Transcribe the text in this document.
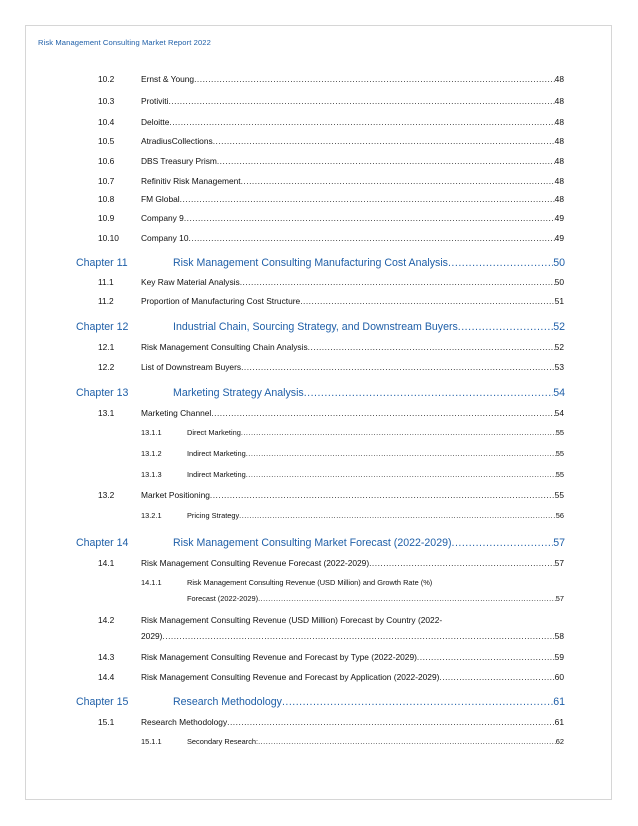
Risk Management Consulting Market Report 2022
10.2	Ernst & Young .....	48
10.3	Protiviti .....	48
10.4	Deloitte .....	48
10.5	AtradiusCollections .....	48
10.6	DBS Treasury Prism .....	48
10.7	Refinitiv Risk Management .....	48
10.8	FM Global .....	48
10.9	Company 9 .....	49
10.10	Company 10 .....	49
Chapter 11	Risk Management Consulting Manufacturing Cost Analysis .....	50
11.1	Key Raw Material Analysis .....	50
11.2	Proportion of Manufacturing Cost Structure .....	51
Chapter 12	Industrial Chain, Sourcing Strategy, and Downstream Buyers .....	52
12.1	Risk Management Consulting Chain Analysis .....	52
12.2	List of Downstream Buyers .....	53
Chapter 13	Marketing Strategy Analysis .....	54
13.1	Marketing Channel .....	54
13.1.1	Direct Marketing .....	55
13.1.2	Indirect Marketing .....	55
13.1.3	Indirect Marketing .....	55
13.2	Market Positioning .....	55
13.2.1	Pricing Strategy .....	56
Chapter 14	Risk Management Consulting Market Forecast (2022-2029) .....	57
14.1	Risk Management Consulting Revenue Forecast (2022-2029) .....	57
14.1.1	Risk Management Consulting Revenue (USD Million) and Growth Rate (%)
Forecast (2022-2029) .....	57
14.2	Risk Management Consulting Revenue (USD Million) Forecast by Country (2022-
2029) .....	58
14.3	Risk Management Consulting Revenue and Forecast by Type (2022-2029) .....	59
14.4	Risk Management Consulting Revenue and Forecast by Application (2022-2029) .....	60
Chapter 15	Research Methodology .....	61
15.1	Research Methodology .....	61
15.1.1	Secondary Research: .....	62
